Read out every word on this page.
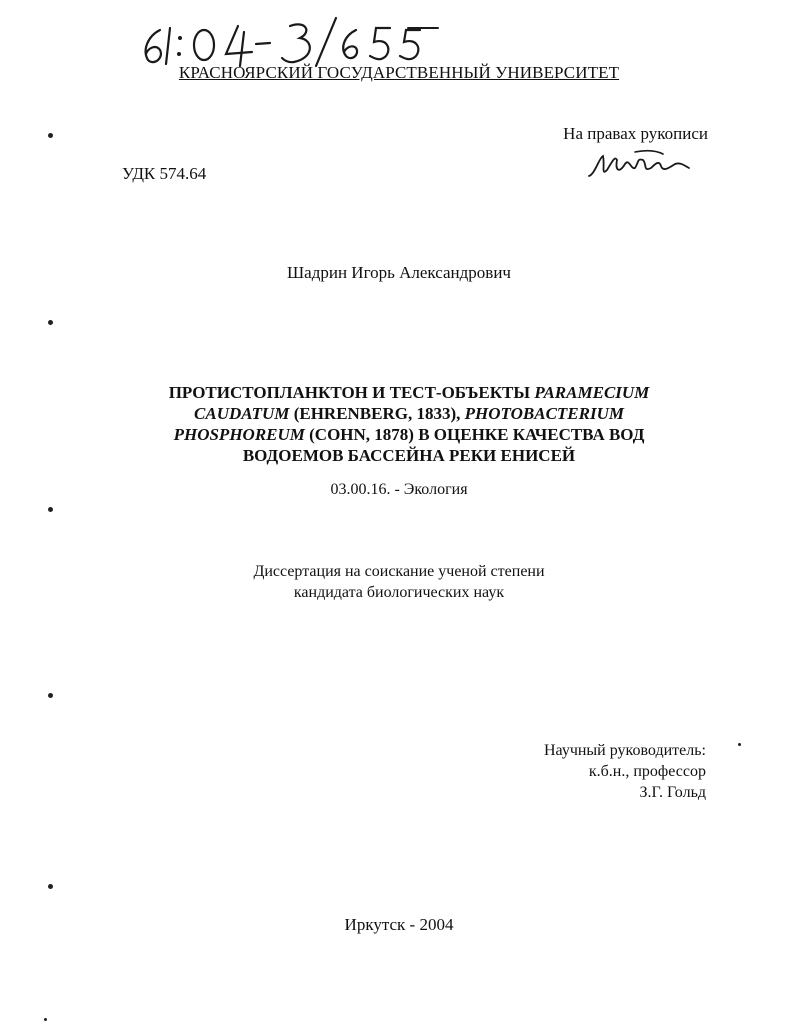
КРАСНОЯРСКИЙ ГОСУДАРСТВЕННЫЙ УНИВЕРСИТЕТ
На правах рукописи
УДК 574.64
Шадрин Игорь Александрович
ПРОТИСТОПЛАНКТОН И ТЕСТ-ОБЪЕКТЫ PARAMECIUM CAUDATUM (EHRENBERG, 1833), PHOTOBACTERIUM PHOSPHOREUM (COHN, 1878) В ОЦЕНКЕ КАЧЕСТВА ВОД ВОДОЕМОВ БАССЕЙНА РЕКИ ЕНИСЕЙ
03.00.16. - Экология
Диссертация на соискание ученой степени
кандидата биологических наук
Научный руководитель:
к.б.н., профессор
З.Г. Гольд
Иркутск - 2004
